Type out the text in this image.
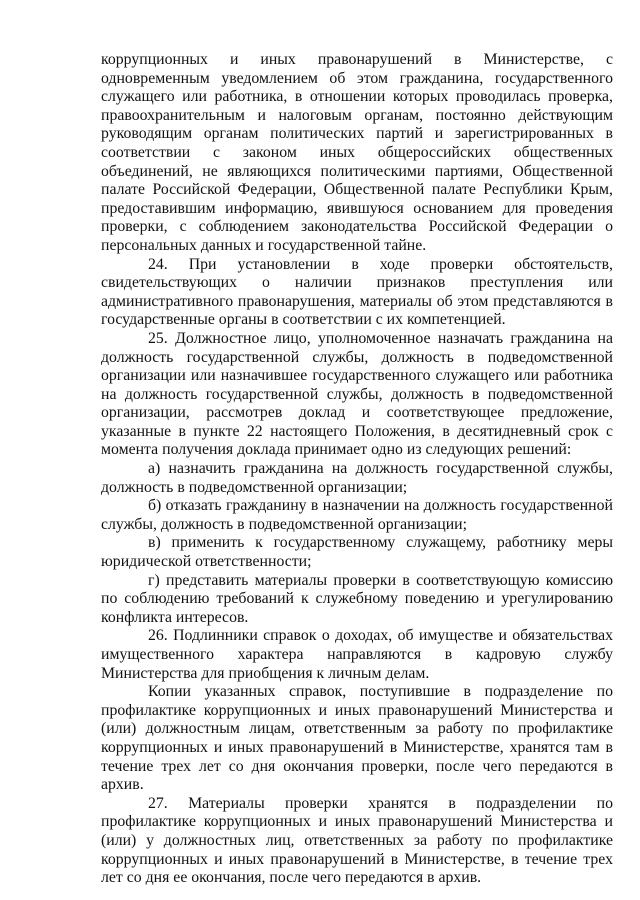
коррупционных и иных правонарушений в Министерстве, с одновременным уведомлением об этом гражданина, государственного служащего или работника, в отношении которых проводилась проверка, правоохранительным и налоговым органам, постоянно действующим руководящим органам политических партий и зарегистрированных в соответствии с законом иных общероссийских общественных объединений, не являющихся политическими партиями, Общественной палате Российской Федерации, Общественной палате Республики Крым, предоставившим информацию, явившуюся основанием для проведения проверки, с соблюдением законодательства Российской Федерации о персональных данных и государственной тайне.

24. При установлении в ходе проверки обстоятельств, свидетельствующих о наличии признаков преступления или административного правонарушения, материалы об этом представляются в государственные органы в соответствии с их компетенцией.

25. Должностное лицо, уполномоченное назначать гражданина на должность государственной службы, должность в подведомственной организации или назначившее государственного служащего или работника на должность государственной службы, должность в подведомственной организации, рассмотрев доклад и соответствующее предложение, указанные в пункте 22 настоящего Положения, в десятидневный срок с момента получения доклада принимает одно из следующих решений:

а) назначить гражданина на должность государственной службы, должность в подведомственной организации;

б) отказать гражданину в назначении на должность государственной службы, должность в подведомственной организации;

в) применить к государственному служащему, работнику меры юридической ответственности;

г) представить материалы проверки в соответствующую комиссию по соблюдению требований к служебному поведению и урегулированию конфликта интересов.

26. Подлинники справок о доходах, об имуществе и обязательствах имущественного характера направляются в кадровую службу Министерства для приобщения к личным делам.

Копии указанных справок, поступившие в подразделение по профилактике коррупционных и иных правонарушений Министерства и (или) должностным лицам, ответственным за работу по профилактике коррупционных и иных правонарушений в Министерстве, хранятся там в течение трех лет со дня окончания проверки, после чего передаются в архив.

27. Материалы проверки хранятся в подразделении по профилактике коррупционных и иных правонарушений Министерства и (или) у должностных лиц, ответственных за работу по профилактике коррупционных и иных правонарушений в Министерстве, в течение трех лет со дня ее окончания, после чего передаются в архив.
